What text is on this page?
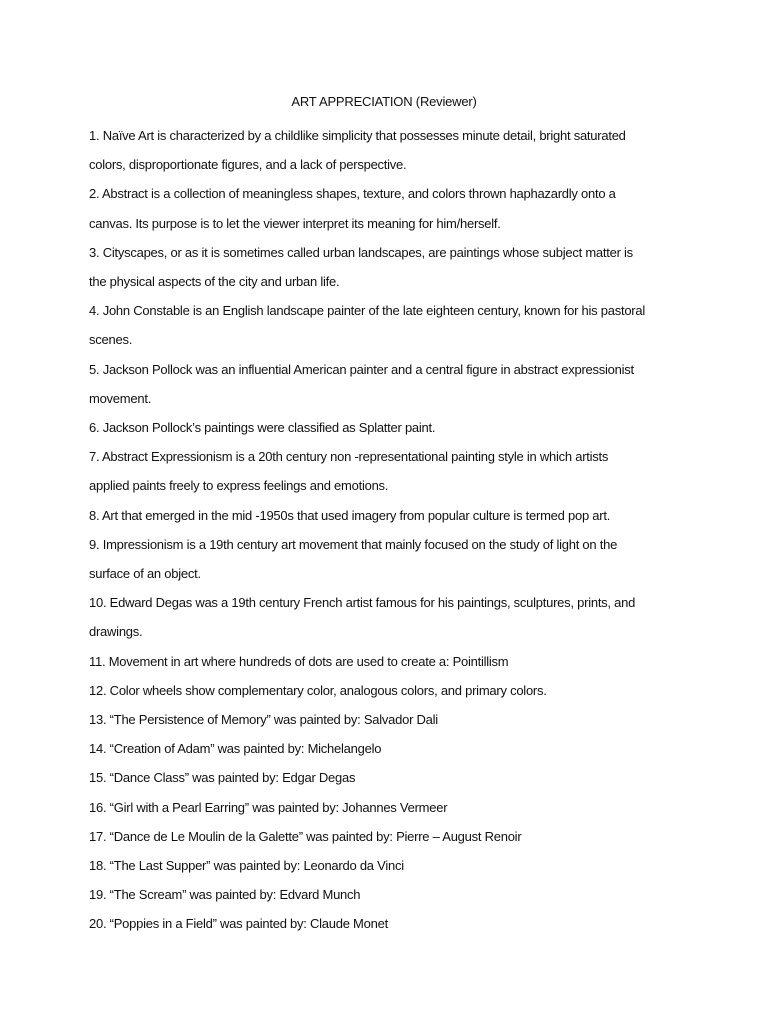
ART APPRECIATION (Reviewer)

1. Naïve Art is characterized by a childlike simplicity that possesses minute detail, bright saturated
colors, disproportionate figures, and a lack of perspective.

2. Abstract is a collection of meaningless shapes, texture, and colors thrown haphazardly onto a
canvas. Its purpose is to let the viewer interpret its meaning for him/herself.

3. Cityscapes, or as it is sometimes called urban landscapes, are paintings whose subject matter is
the physical aspects of the city and urban life.

4. John Constable is an English landscape painter of the late eighteen century, known for his pastoral
scenes.

5. Jackson Pollock was an influential American painter and a central figure in abstract expressionist
movement.

6. Jackson Pollock’s paintings were classified as Splatter paint.

7. Abstract Expressionism is a 20th century non -representational painting style in which artists
applied paints freely to express feelings and emotions.

8. Art that emerged in the mid -1950s that used imagery from popular culture is termed pop art.

9. Impressionism is a 19th century art movement that mainly focused on the study of light on the
surface of an object.

10. Edward Degas was a 19th century French artist famous for his paintings, sculptures, prints, and
drawings.

11. Movement in art where hundreds of dots are used to create a: Pointillism

12. Color wheels show complementary color, analogous colors, and primary colors.

13. “The Persistence of Memory” was painted by: Salvador Dali

14. “Creation of Adam” was painted by: Michelangelo

15. “Dance Class” was painted by: Edgar Degas

16. “Girl with a Pearl Earring” was painted by: Johannes Vermeer

17. “Dance de Le Moulin de la Galette” was painted by: Pierre – August Renoir

18. “The Last Supper” was painted by: Leonardo da Vinci

19. “The Scream” was painted by: Edvard Munch

20. “Poppies in a Field” was painted by: Claude Monet
